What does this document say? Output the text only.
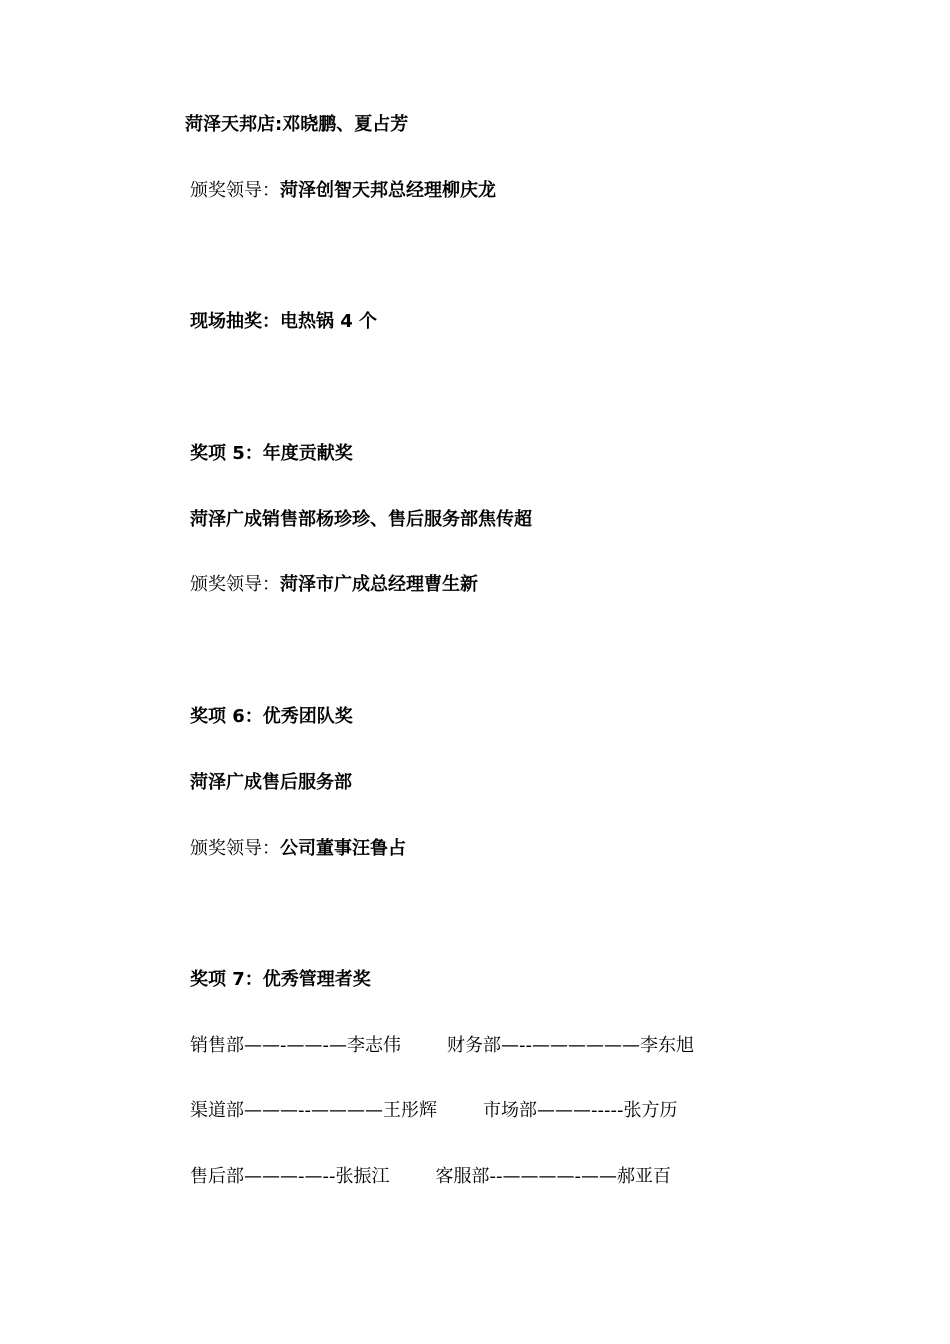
菏泽天邦店:邓晓鹏、夏占芳
颁奖领导：菏泽创智天邦总经理柳庆龙
现场抽奖：电热锅 4 个
奖项 5：年度贡献奖
菏泽广成销售部杨珍珍、售后服务部焦传超
颁奖领导：菏泽市广成总经理曹生新
奖项 6：优秀团队奖
菏泽广成售后服务部
颁奖领导：公司董事汪鲁占
奖项 7：优秀管理者奖
销售部——-——-—李志伟	财务部—--——————李东旭
渠道部———--————王彤辉	市场部———-----张方历
售后部———-—--张振江	客服部--————-——郝亚百
